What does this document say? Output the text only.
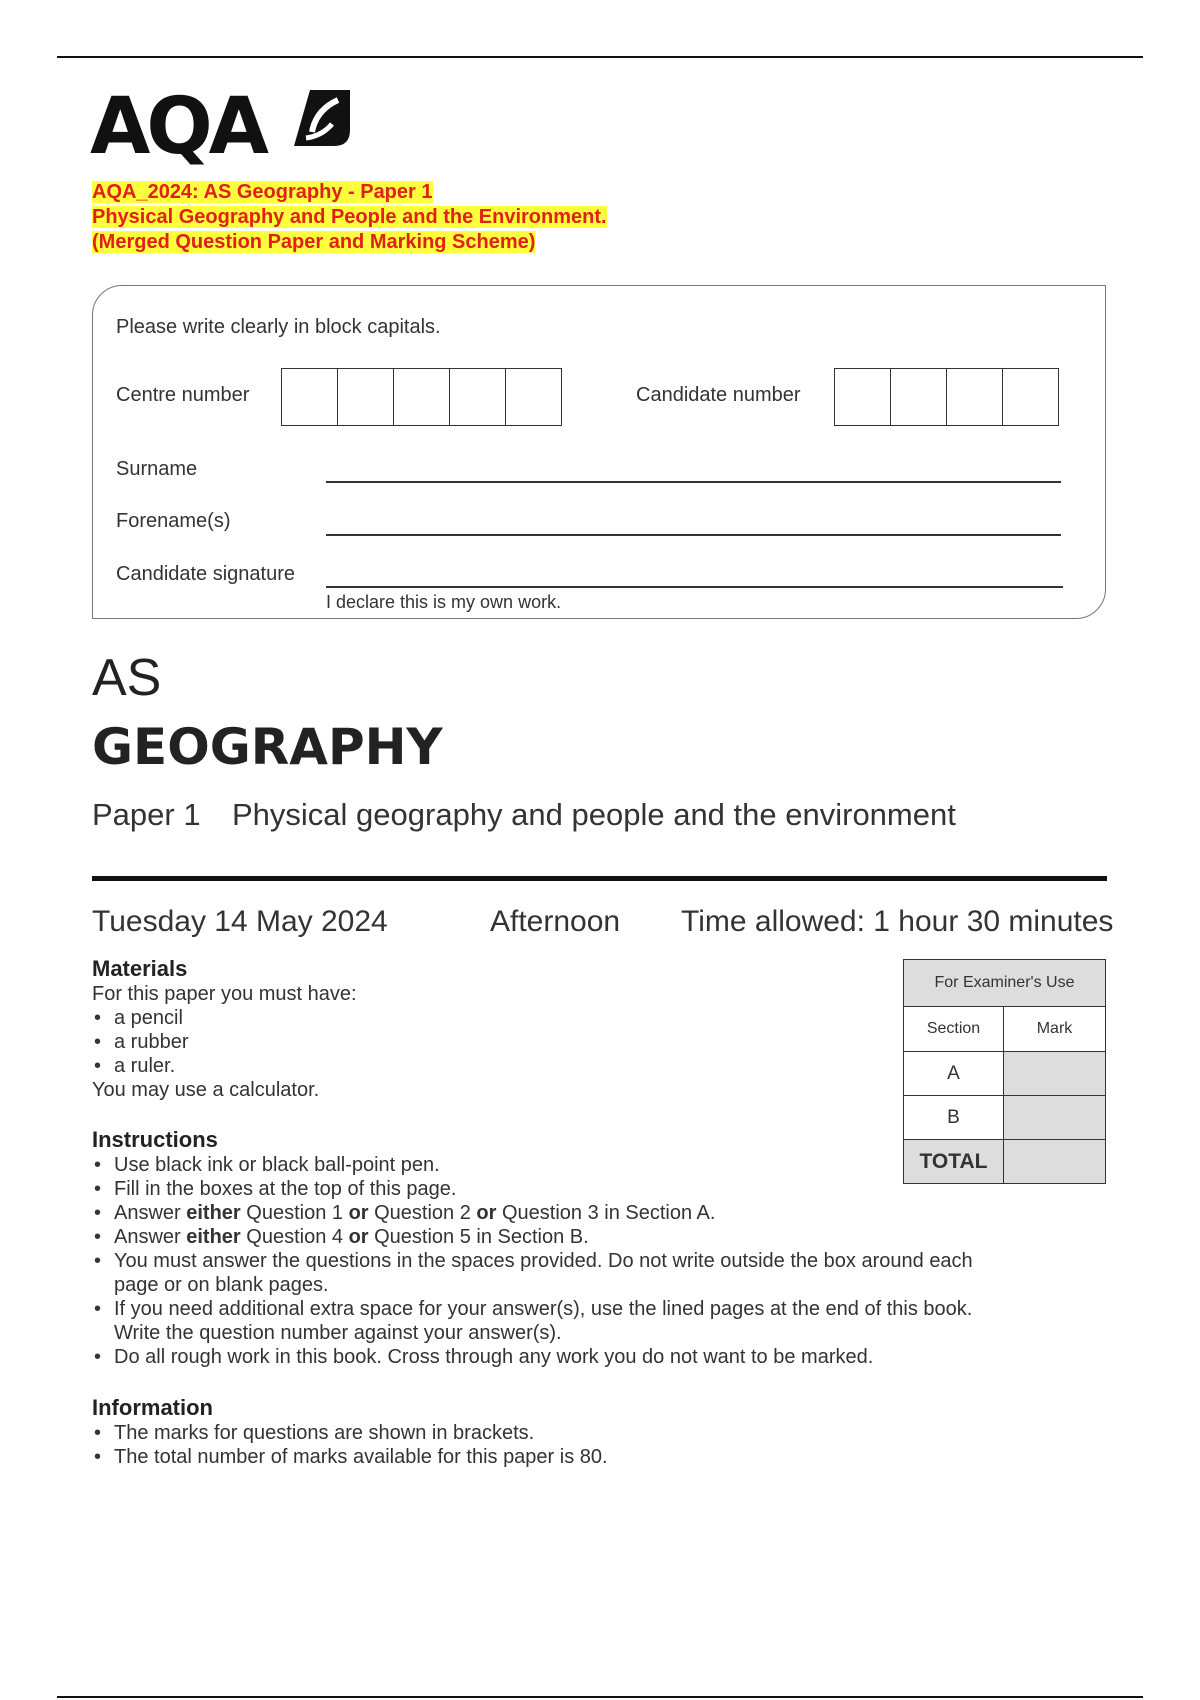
AQA
AQA_2024: AS Geography - Paper 1
Physical Geography and People and the Environment.
(Merged Question Paper and Marking Scheme)
Please write clearly in block capitals.
Centre number	Candidate number
Surname
Forename(s)
Candidate signature
I declare this is my own work.
AS
GEOGRAPHY
Paper 1 Physical geography and people and the environment
Tuesday 14 May 2024	Afternoon Time allowed: 1 hour 30 minutes
For Examiner's Use	
Section	Mark
A	
B	
TOTAL	
Materials
For this paper you must have:
• a pencil
• a rubber
• a ruler.
You may use a calculator.
Instructions
• Use black ink or black ball-point pen.
• Fill in the boxes at the top of this page.
• Answer either Question 1 or Question 2 or Question 3 in Section A.
• Answer either Question 4 or Question 5 in Section B.
• You must answer the questions in the spaces provided. Do not write outside the box around each
page or on blank pages.
• If you need additional extra space for your answer(s), use the lined pages at the end of this book.
Write the question number against your answer(s).
• Do all rough work in this book. Cross through any work you do not want to be marked.
Information
• The marks for questions are shown in brackets.
• The total number of marks available for this paper is 80.
